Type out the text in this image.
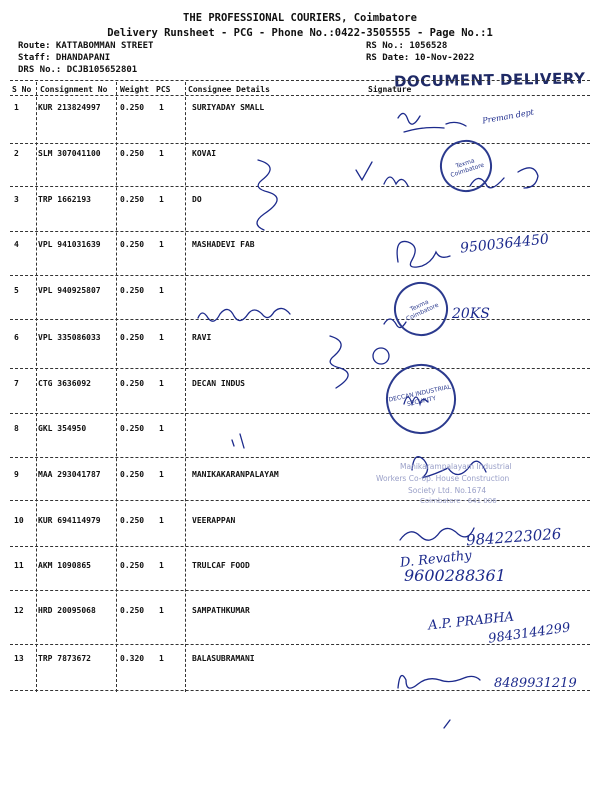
THE PROFESSIONAL COURIERS, Coimbatore
Delivery Runsheet - PCG - Phone No.:0422-3505555 - Page No.:1
Route: KATTABOMMAN STREET
Staff: DHANDAPANI
DRS No.: DCJB105652801
RS No.: 1056528
RS Date: 10-Nov-2022
DOCUMENT DELIVERY
S No Consignment No Weight PCS Consignee Details	Signature
1 KUR 213824997 0.250 1	SURIYADAY SMALL
2 SLM 307041100 0.250 1	KOVAI
3 TRP 1662193	0.250 1	DO
4 VPL 941031639 0.250 1	MASHADEVI FAB
5 VPL 940925807 0.250 1
6 VPL 335086033 0.250 1	RAVI
7 CTG 3636092	0.250 1	DECAN INDUS
8 GKL 354950	0.250 1
9 MAA 293041787 0.250 1	MANIKAKARANPALAYAM
10 KUR 694114979 0.250 1	VEERAPPAN
11 AKM 1090865	0.250 1	TRULCAF FOOD
12 HRD 20095068	0.250 1	SAMPATHKUMAR
13 TRP 7873672	0.320 1	BALASUBRAMANI
Texma Coimbatore
Texma Coimbatore
DECCAN INDUSTRIAL SECURITY
Manikarampalayam Industrial
Workers Co-op. House Construction
Society Ltd. No.1674
Coimbatore - 641 006
Preman dept
9500364450
20KS
9842223026
D. Revathy
9600288361
A.P. PRABHA
9843144299
8489931219
